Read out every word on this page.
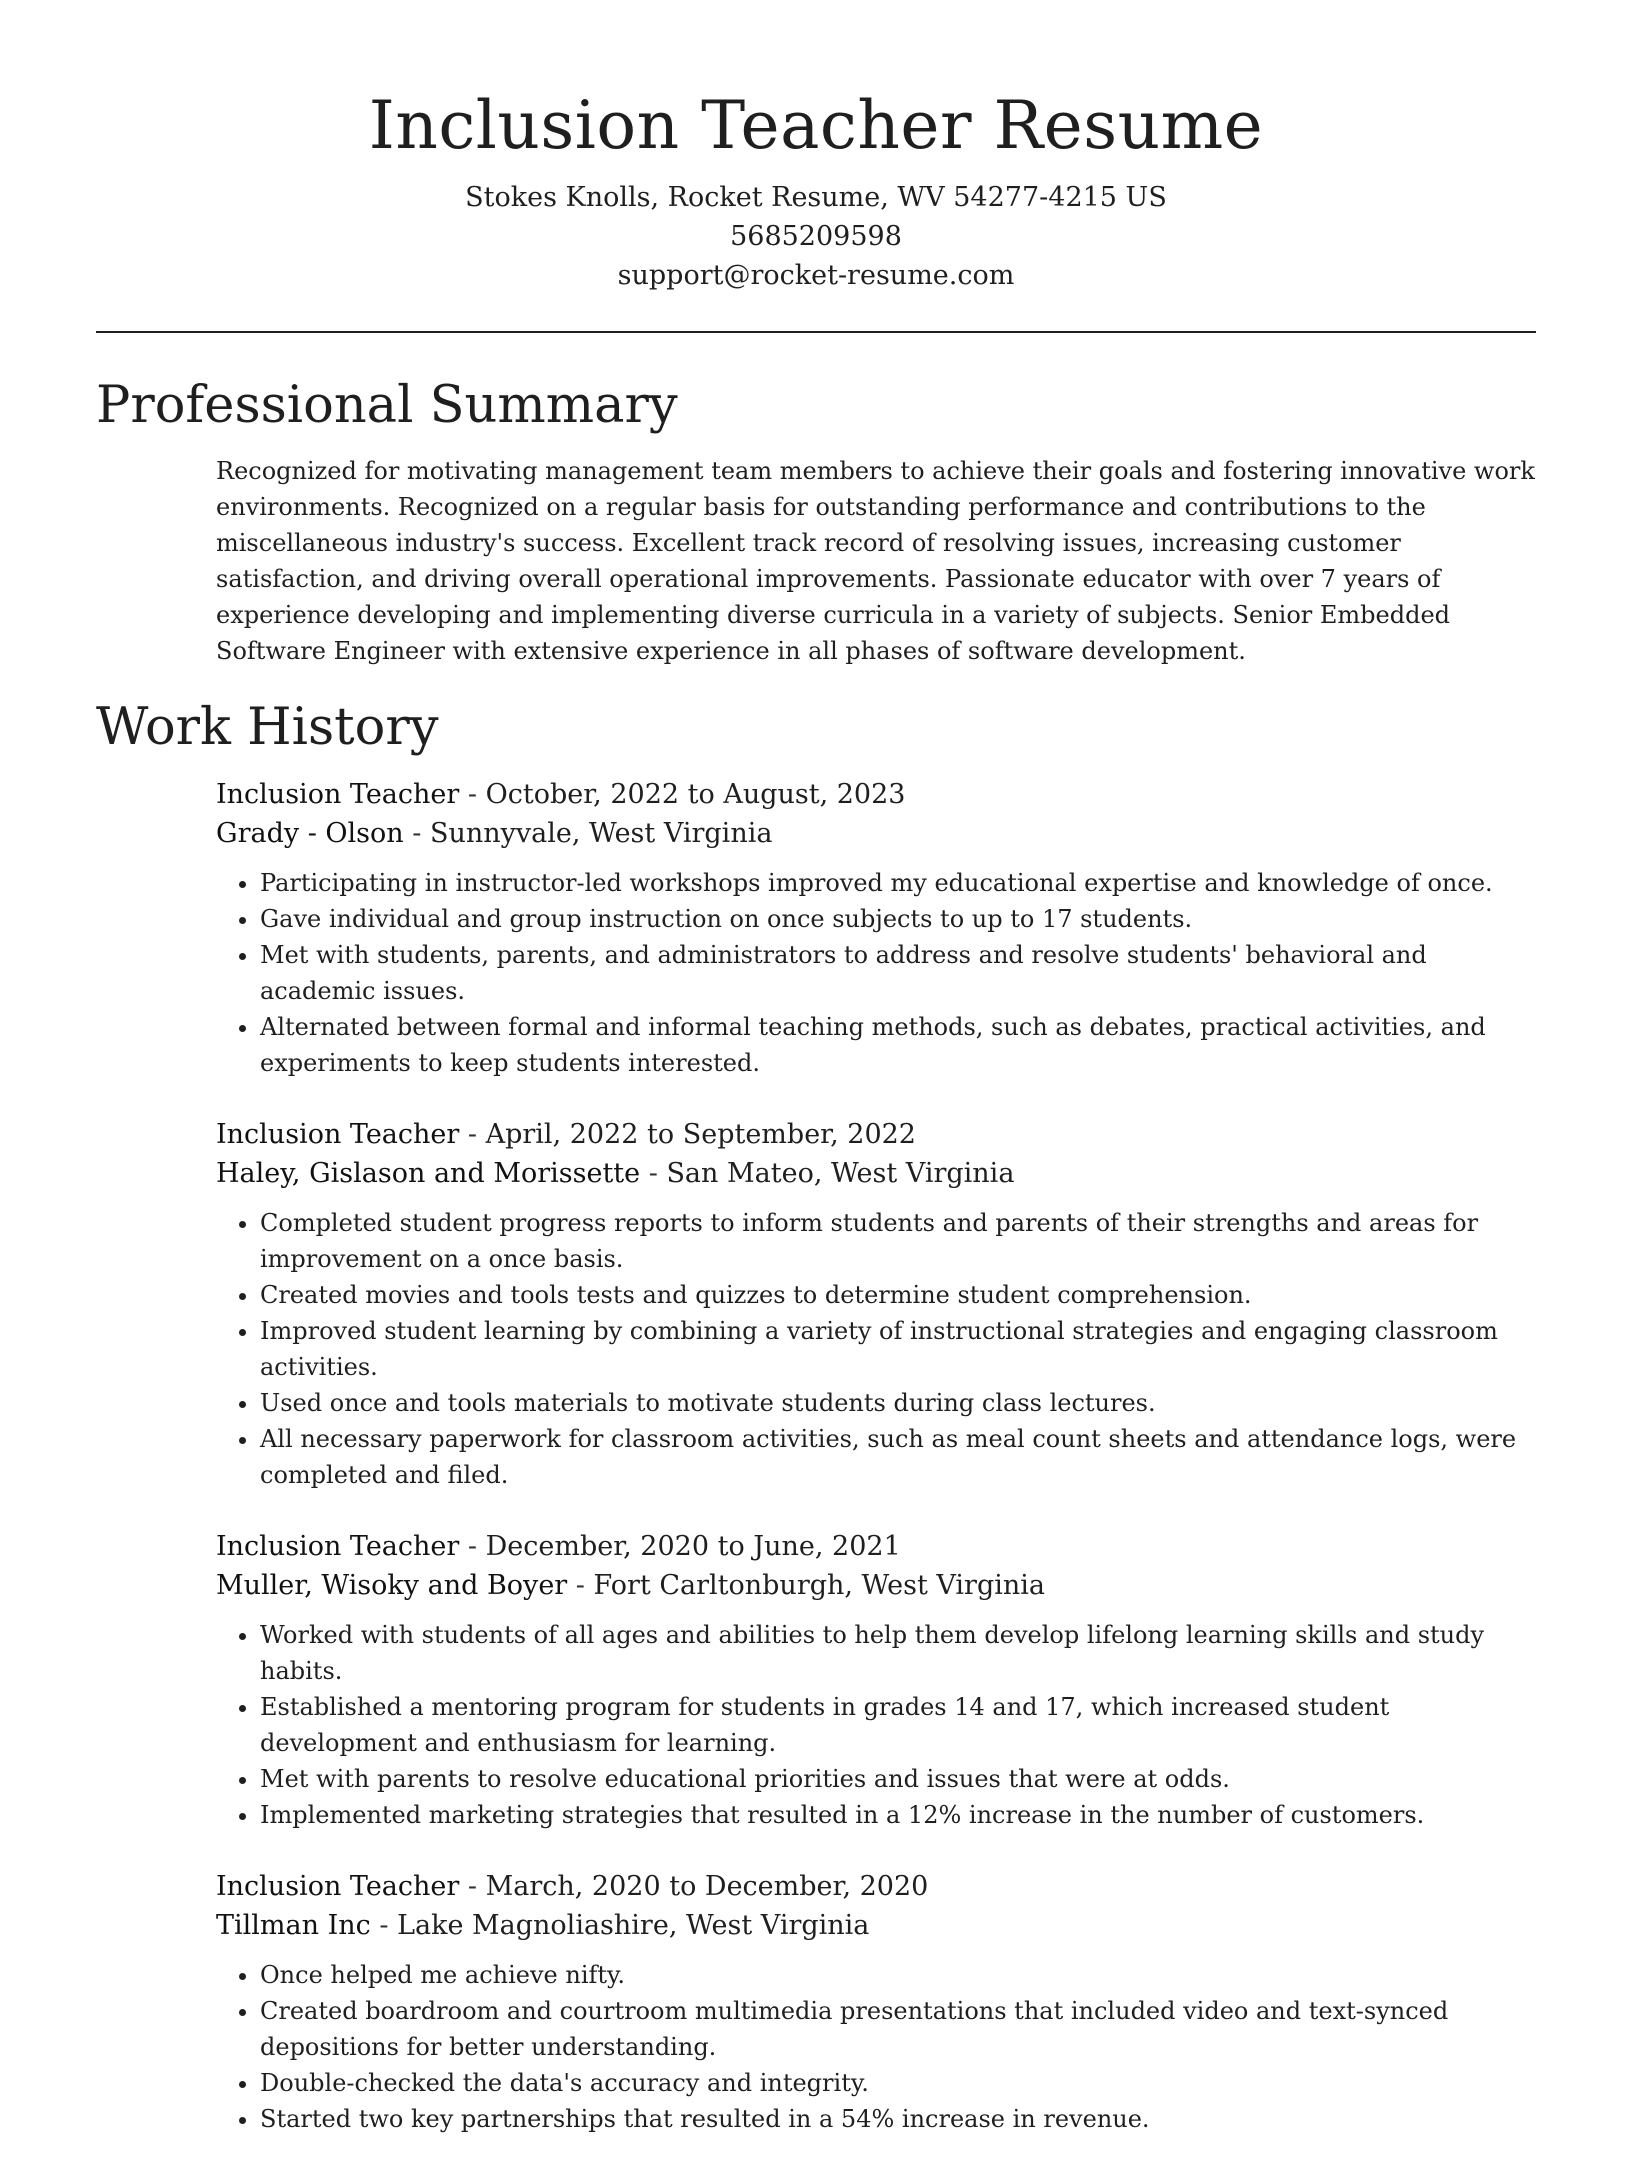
Inclusion Teacher Resume
Stokes Knolls, Rocket Resume, WV 54277-4215 US
5685209598
support@rocket-resume.com
Professional Summary

Recognized for motivating management team members to achieve their goals and fostering innovative work environments. Recognized on a regular basis for outstanding performance and contributions to the miscellaneous industry's success. Excellent track record of resolving issues, increasing customer satisfaction, and driving overall operational improvements. Passionate educator with over 7 years of experience developing and implementing diverse curricula in a variety of subjects. Senior Embedded Software Engineer with extensive experience in all phases of software development.

Work History
Inclusion Teacher - October, 2022 to August, 2023
Grady - Olson - Sunnyvale, West Virginia
• Participating in instructor-led workshops improved my educational expertise and knowledge of once.
• Gave individual and group instruction on once subjects to up to 17 students.
• Met with students, parents, and administrators to address and resolve students' behavioral and academic issues.
• Alternated between formal and informal teaching methods, such as debates, practical activities, and experiments to keep students interested.
Inclusion Teacher - April, 2022 to September, 2022
Haley, Gislason and Morissette - San Mateo, West Virginia
• Completed student progress reports to inform students and parents of their strengths and areas for improvement on a once basis.
• Created movies and tools tests and quizzes to determine student comprehension.
• Improved student learning by combining a variety of instructional strategies and engaging classroom activities.
• Used once and tools materials to motivate students during class lectures.
• All necessary paperwork for classroom activities, such as meal count sheets and attendance logs, were completed and filed.
Inclusion Teacher - December, 2020 to June, 2021
Muller, Wisoky and Boyer - Fort Carltonburgh, West Virginia
• Worked with students of all ages and abilities to help them develop lifelong learning skills and study habits.
• Established a mentoring program for students in grades 14 and 17, which increased student development and enthusiasm for learning.
• Met with parents to resolve educational priorities and issues that were at odds.
• Implemented marketing strategies that resulted in a 12% increase in the number of customers.
Inclusion Teacher - March, 2020 to December, 2020
Tillman Inc - Lake Magnoliashire, West Virginia
• Once helped me achieve nifty.
• Created boardroom and courtroom multimedia presentations that included video and text-synced depositions for better understanding.
• Double-checked the data's accuracy and integrity.
• Started two key partnerships that resulted in a 54% increase in revenue.
